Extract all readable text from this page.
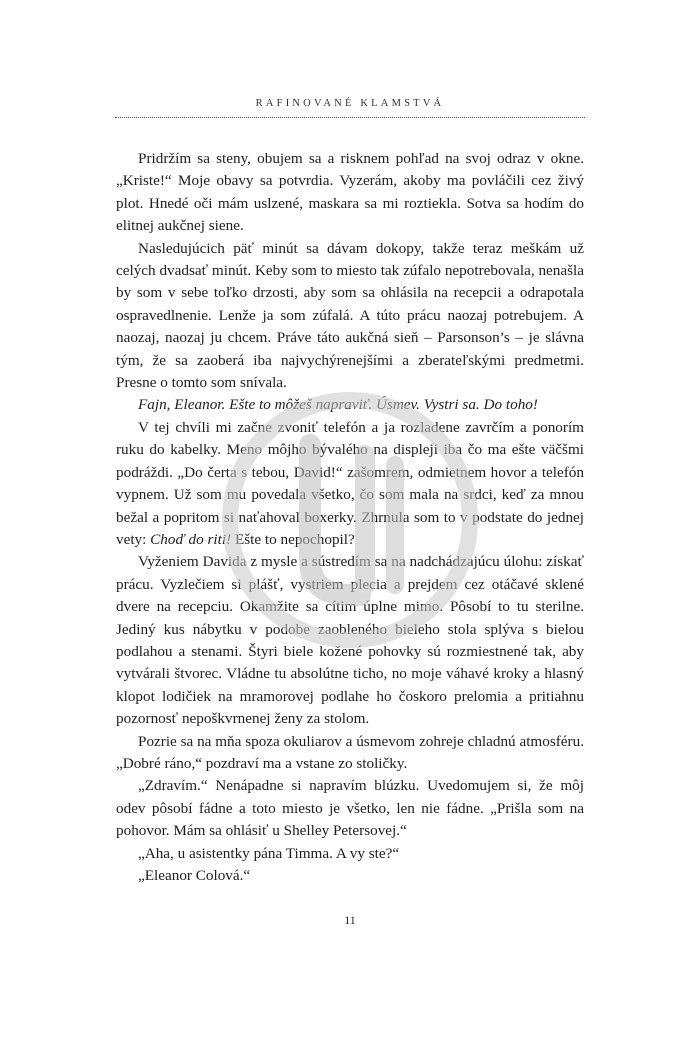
RAFINOVANÉ KLAMSTVÁ

Pridržím sa steny, obujem sa a risknem pohľad na svoj odraz v okne. „Kriste!“ Moje obavy sa potvrdia. Vyzerám, akoby ma povláčili cez živý plot. Hnedé oči mám uslzené, maskara sa mi roztiekla. Sotva sa hodím do elitnej aukčnej siene.

Nasledujúcich päť minút sa dávam dokopy, takže teraz meškám už celých dvadsať minút. Keby som to miesto tak zúfalo nepotrebovala, nenašla by som v sebe toľko drzosti, aby som sa ohlásila na recepcii a odrapotala ospravedlnenie. Lenže ja som zúfalá. A túto prácu naozaj potrebujem. A naozaj, naozaj ju chcem. Práve táto aukčná sieň – Parsonson’s – je slávna tým, že sa zaoberá iba najvychýrenejšími a zberateľskými predmetmi. Presne o tomto som snívala.

Fajn, Eleanor. Ešte to môžeš napraviť. Úsmev. Vystri sa. Do toho!

V tej chvíli mi začne zvoniť telefón a ja rozladene zavrčím a ponorím ruku do kabelky. Meno môjho bývalého na displeji iba čo ma ešte väčšmi podráždi. „Do čerta s tebou, David!“ zašomrem, odmietnem hovor a telefón vypnem. Už som mu povedala všetko, čo som mala na srdci, keď za mnou bežal a popritom si naťahoval boxerky. Zhrnula som to v podstate do jednej vety: Choď do riti! Ešte to nepochopil?

Vyženiem Davida z mysle a sústredím sa na nadchádzajúcu úlohu: získať prácu. Vyzlečiem si plášť, vystriem plecia a prejdem cez otáčavé sklené dvere na recepciu. Okamžite sa cítim úplne mimo. Pôsobí to tu sterilne. Jediný kus nábytku v podobe zaobleného bieleho stola splýva s bielou podlahou a stenami. Štyri biele kožené pohovky sú rozmiestnené tak, aby vytvárali štvorec. Vládne tu absolútne ticho, no moje váhavé kroky a hlasný klopot lodičiek na mramorovej podlahe ho čoskoro prelomia a pritiahnu pozornosť nepoškvrnenej ženy za stolom.

Pozrie sa na mňa spoza okuliarov a úsmevom zohreje chladnú atmosféru. „Dobré ráno,“ pozdraví ma a vstane zo stoličky.

„Zdravím.“ Nenápadne si napravím blúzku. Uvedomujem si, že môj odev pôsobí fádne a toto miesto je všetko, len nie fádne. „Prišla som na pohovor. Mám sa ohlásiť u Shelley Petersovej.“

„Aha, u asistentky pána Timma. A vy ste?“

„Eleanor Colová.“

11
